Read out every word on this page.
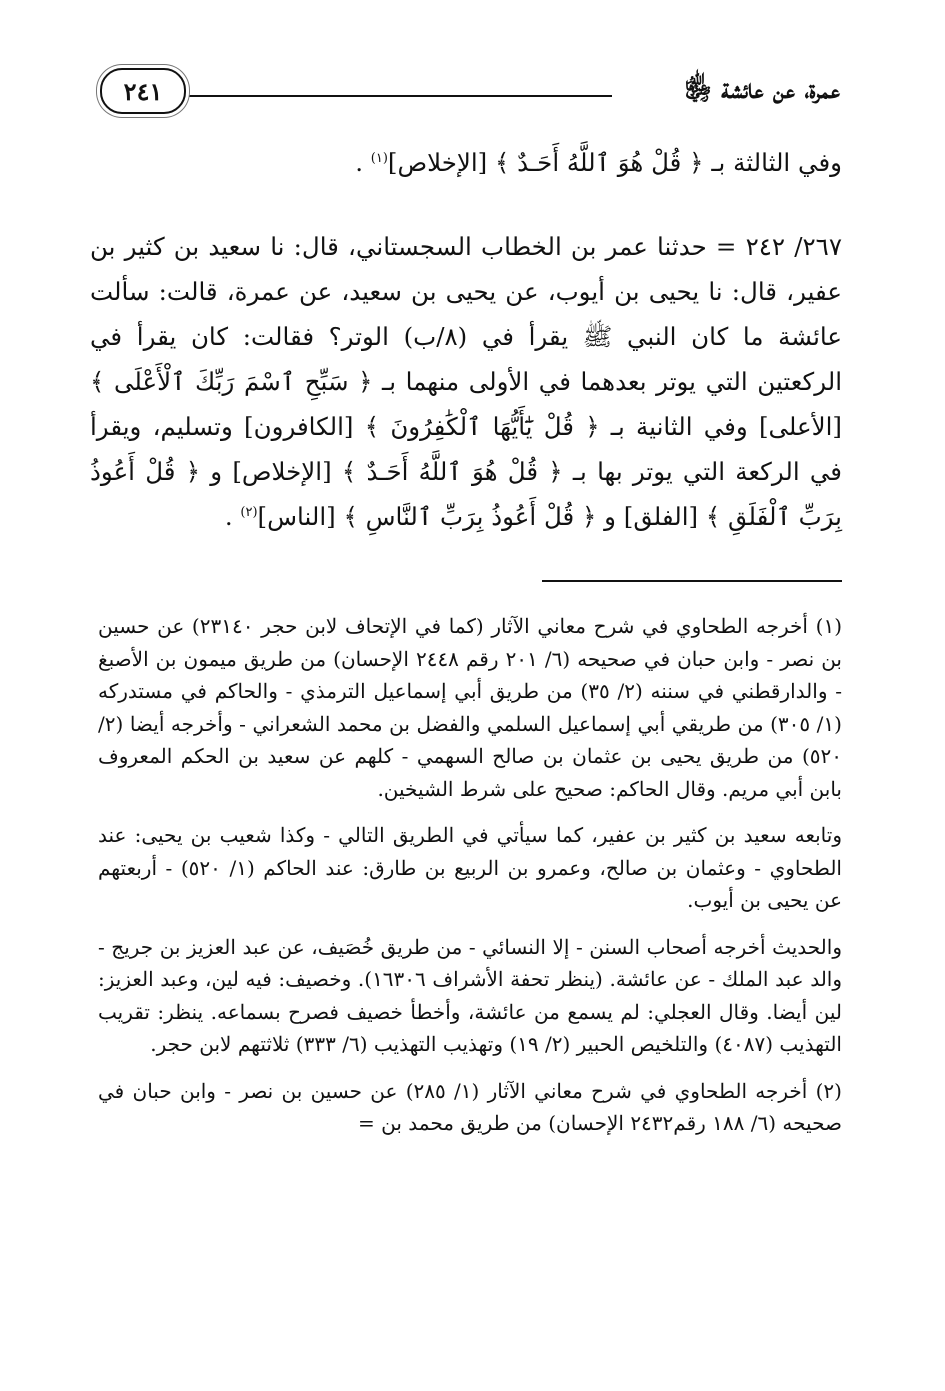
عمرة، عن عائشة ﵂
٢٤١

وفي الثالثة بـ ﴿ قُلْ هُوَ ٱللَّهُ أَحَـدٌ ﴾ [الإخلاص]$^{(١)}$ .

٢٦٧/ ٢٤٢ = حدثنا عمر بن الخطاب السجستاني، قال: نا سعيد بن كثير بن عفير، قال: نا يحيى بن أيوب، عن يحيى بن سعيد، عن عمرة، قالت: سألت عائشة ما كان النبي ﷺ يقرأ في (٨/ب) الوتر؟ فقالت: كان يقرأ في الركعتين التي يوتر بعدهما في الأولى منهما بـ ﴿ سَبِّحِ ٱسْمَ رَبِّكَ ٱلْأَعْلَى ﴾ [الأعلى] وفي الثانية بـ ﴿ قُلْ يَٰٓأَيُّهَا ٱلْكَٰفِرُونَ ﴾ [الكافرون] وتسليم، ويقرأ في الركعة التي يوتر بها بـ ﴿ قُلْ هُوَ ٱللَّهُ أَحَـدٌ ﴾ [الإخلاص] و ﴿ قُلْ أَعُوذُ بِرَبِّ ٱلْفَلَقِ ﴾ [الفلق] و ﴿ قُلْ أَعُوذُ بِرَبِّ ٱلنَّاسِ ﴾ [الناس]$^{(٢)}$ .

(١) أخرجه الطحاوي في شرح معاني الآثار (كما في الإتحاف لابن حجر ٢٣١٤٠) عن حسين بن نصر - وابن حبان في صحيحه (٦/ ٢٠١ رقم ٢٤٤٨ الإحسان) من طريق ميمون بن الأصبغ - والدارقطني في سننه (٢/ ٣٥) من طريق أبي إسماعيل الترمذي - والحاكم في مستدركه (١/ ٣٠٥) من طريقي أبي إسماعيل السلمي والفضل بن محمد الشعراني - وأخرجه أيضا (٢/ ٥٢٠) من طريق يحيى بن عثمان بن صالح السهمي - كلهم عن سعيد بن الحكم المعروف بابن أبي مريم. وقال الحاكم: صحيح على شرط الشيخين.

وتابعه سعيد بن كثير بن عفير، كما سيأتي في الطريق التالي - وكذا شعيب بن يحيى: عند الطحاوي - وعثمان بن صالح، وعمرو بن الربيع بن طارق: عند الحاكم (١/ ٥٢٠) - أربعتهم عن يحيى بن أيوب.

والحديث أخرجه أصحاب السنن - إلا النسائي - من طريق خُصَيف، عن عبد العزيز بن جريج - والد عبد الملك - عن عائشة. (ينظر تحفة الأشراف ١٦٣٠٦). وخصيف: فيه لين، وعبد العزيز: لين أيضا. وقال العجلي: لم يسمع من عائشة، وأخطأ خصيف فصرح بسماعه. ينظر: تقريب التهذيب (٤٠٨٧) والتلخيص الحبير (٢/ ١٩) وتهذيب التهذيب (٦/ ٣٣٣) ثلاثتهم لابن حجر.

(٢) أخرجه الطحاوي في شرح معاني الآثار (١/ ٢٨٥) عن حسين بن نصر - وابن حبان في صحيحه (٦/ ١٨٨ رقم٢٤٣٢ الإحسان) من طريق محمد بن =
